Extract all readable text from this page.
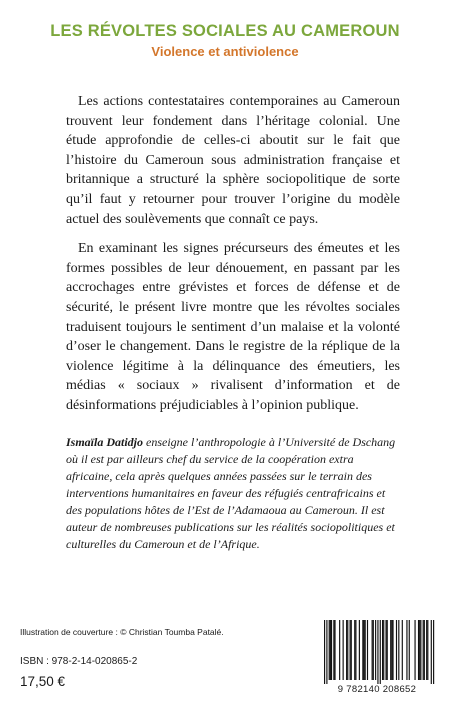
LES RÉVOLTES SOCIALES AU CAMEROUN
Violence et antiviolence

Les actions contestataires contemporaines au Cameroun trouvent leur fondement dans l’héritage colonial. Une étude approfondie de celles-ci aboutit sur le fait que l’histoire du Cameroun sous administration française et britannique a structuré la sphère sociopolitique de sorte qu’il faut y retourner pour trouver l’origine du modèle actuel des soulèvements que connaît ce pays.

En examinant les signes précurseurs des émeutes et les formes possibles de leur dénouement, en passant par les accrochages entre grévistes et forces de défense et de sécurité, le présent livre montre que les révoltes sociales traduisent toujours le sentiment d’un malaise et la volonté d’oser le changement. Dans le registre de la réplique de la violence légitime à la délinquance des émeutiers, les médias « sociaux » rivalisent d’information et de désinformations préjudiciables à l’opinion publique.

Ismaïla Datidjo enseigne l’anthropologie à l’Université de Dschang où il est par ailleurs chef du service de la coopération extra africaine, cela après quelques années passées sur le terrain des interventions humanitaires en faveur des réfugiés centrafricains et des populations hôtes de l’Est de l’Adamaoua au Cameroun. Il est auteur de nombreuses publications sur les réalités sociopolitiques et culturelles du Cameroun et de l’Afrique.
Illustration de couverture : © Christian Toumba Patalé.
ISBN : 978-2-14-020865-2
17,50 €
9 782140 208652
